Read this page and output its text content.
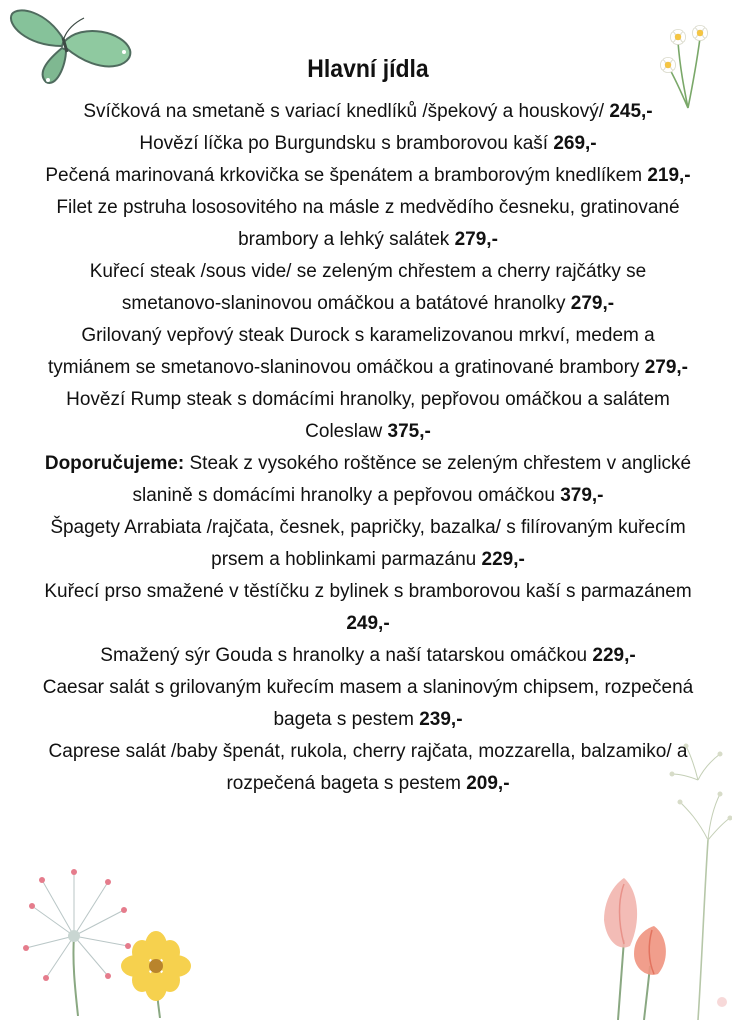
Hlavní jídla

Svíčková na smetaně s variací knedlíků /špekový a houskový/ 245,-

Hovězí líčka po Burgundsku s bramborovou kaší 269,-

Pečená marinovaná krkovička se špenátem a bramborovým knedlíkem 219,-

Filet ze pstruha lososovitého na másle z medvědího česneku, gratinované brambory a lehký salátek 279,-

Kuřecí steak /sous vide/ se zeleným chřestem a cherry rajčátky se smetanovo-slaninovou omáčkou a batátové hranolky 279,-

Grilovaný vepřový steak Durock s karamelizovanou mrkví, medem a tymiánem se smetanovo-slaninovou omáčkou a gratinované brambory 279,-

Hovězí Rump steak s domácími hranolky, pepřovou omáčkou a salátem Coleslaw 375,-

Doporučujeme: Steak z vysokého roštěnce se zeleným chřestem v anglické slanině s domácími hranolky a pepřovou omáčkou 379,-

Špagety Arrabiata /rajčata, česnek, papričky, bazalka/ s filírovaným kuřecím prsem a hoblinkami parmazánu 229,-

Kuřecí prso smažené v těstíčku z bylinek s bramborovou kaší s parmazánem 249,-

Smažený sýr Gouda s hranolky a naší tatarskou omáčkou 229,-

Caesar salát s grilovaným kuřecím masem a slaninovým chipsem, rozpečená bageta s pestem 239,-

Caprese salát /baby špenát, rukola, cherry rajčata, mozzarella, balzamiko/ a rozpečená bageta s pestem 209,-
